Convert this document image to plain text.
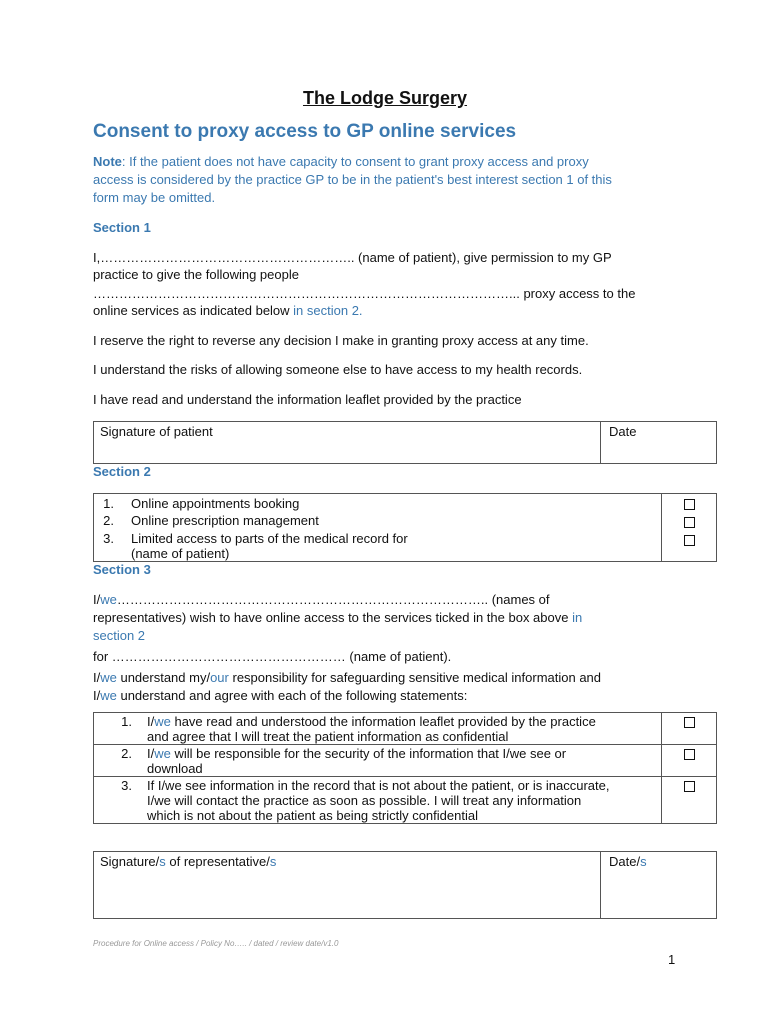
The Lodge Surgery
Consent to proxy access to GP online services
Note: If the patient does not have capacity to consent to grant proxy access and proxy
access is considered by the practice GP to be in the patient's best interest section 1 of this
form may be omitted.
Section 1
I,………………………………………………….. (name of patient), give permission to my GP
practice to give the following people
……………………………………………………………………………………... proxy access to the
online services as indicated below in section 2.
I reserve the right to reverse any decision I make in granting proxy access at any time.
I understand the risks of allowing someone else to have access to my health records.
I have read and understand the information leaflet provided by the practice
Signature of patient	Date
Section 2
1. Online appointments booking
2. Online prescription management
3. Limited access to parts of the medical record for
(name of patient)

Section 3
I/we………………………………………………………………………….. (names of
representatives) wish to have online access to the services ticked in the box above in
section 2
for ……………………………………………… (name of patient).
I/we understand my/our responsibility for safeguarding sensitive medical information and
I/we understand and agree with each of the following statements:
1. I/we have read and understood the information leaflet provided by the practice
and agree that I will treat the patient information as confidential	

2. I/we will be responsible for the security of the information that I/we see or
download	

3. If I/we see information in the record that is not about the patient, or is inaccurate,
I/we will contact the practice as soon as possible. I will treat any information
which is not about the patient as being strictly confidential	

Signature/s of representative/s	Date/s
Procedure for Online access / Policy No….. / dated / review date/v1.0
1
